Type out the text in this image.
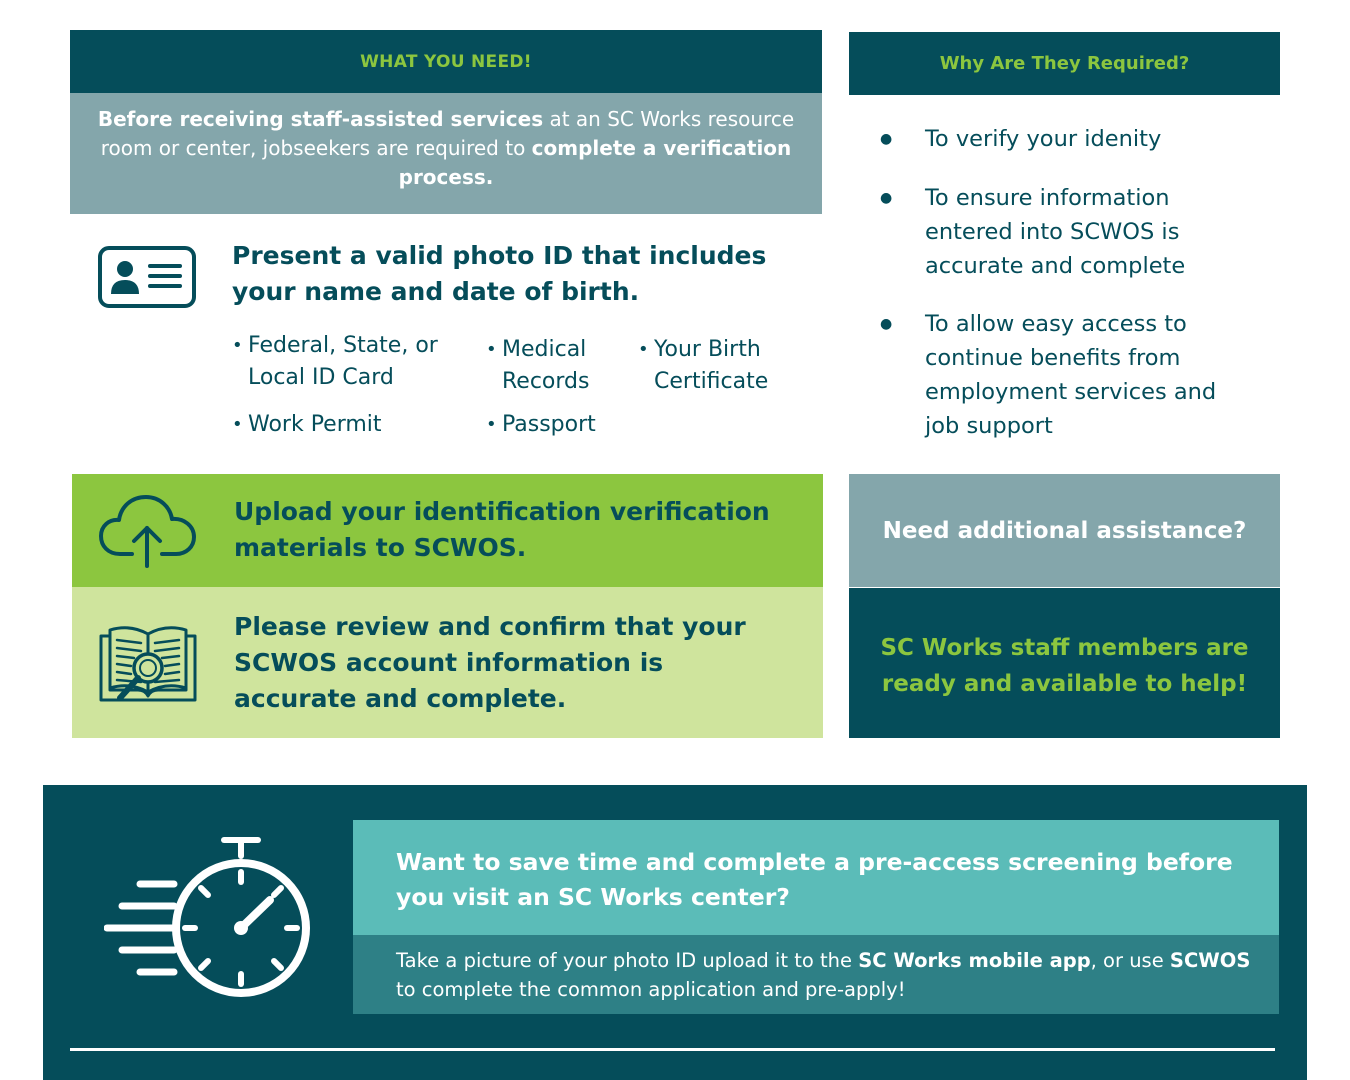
WHAT YOU NEED!
Before receiving staff-assisted services at an SC Works resource room or center, jobseekers are required to complete a verification process.
Present a valid photo ID that includes your name and date of birth.
• Federal, State, or Local ID Card
• Medical Records
• Your Birth Certificate
• Work Permit
•	Passport
Upload your identification verification materials to SCWOS.
Please review and confirm that your SCWOS account information is accurate and complete.
Why Are They Required?
● To verify your idenity
● To ensure information entered into SCWOS is accurate and complete
● To allow easy access to continue benefits from employment services and job support
Need additional assistance?
SC Works staff members are ready and available to help!
Want to save time and complete a pre-access screening before you visit an SC Works center?
Take a picture of your photo ID upload it to the SC Works mobile app, or use SCWOS to complete the common application and pre-apply!
